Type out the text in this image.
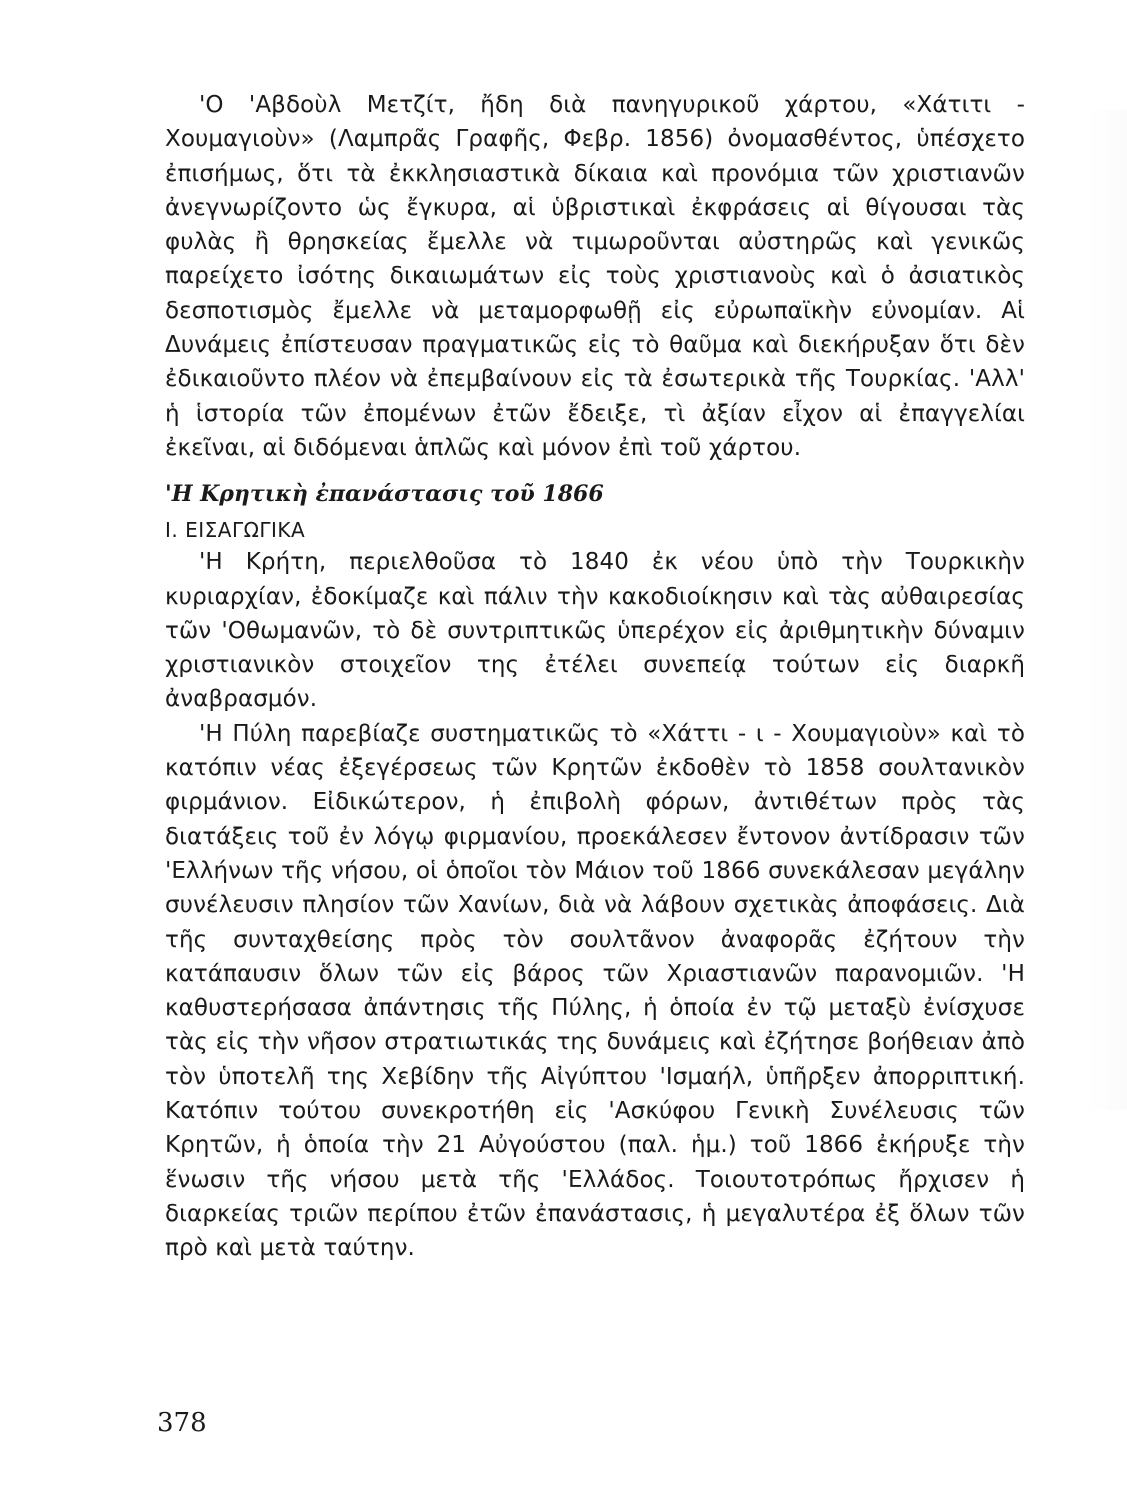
'Ο 'Αβδοὺλ Μετζίτ, ἤδη διὰ πανηγυρικοῦ χάρτου, «Χάτιτι - Χουμαγιοὺν» (Λαμπρᾶς Γραφῆς, Φεβρ. 1856) ὀνομασθέντος, ὑπέσχετο ἐπισήμως, ὅτι τὰ ἐκκλησιαστικὰ δίκαια καὶ προνόμια τῶν χριστιανῶν ἀνεγνωρίζοντο ὡς ἔγκυρα, αἱ ὑβριστικαὶ ἐκφράσεις αἱ θίγουσαι τὰς φυλὰς ἢ θρησκείας ἔμελλε νὰ τιμωροῦνται αὐστηρῶς καὶ γενικῶς παρείχετο ἰσότης δικαιωμάτων εἰς τοὺς χριστιανοὺς καὶ ὁ ἀσιατικὸς δεσποτισμὸς ἔμελλε νὰ μεταμορφωθῇ εἰς εὐρωπαϊκὴν εὐνομίαν. Αἱ Δυνάμεις ἐπίστευσαν πραγματικῶς εἰς τὸ θαῦμα καὶ διεκήρυξαν ὅτι δὲν ἐδικαιοῦντο πλέον νὰ ἐπεμβαίνουν εἰς τὰ ἐσωτερικὰ τῆς Τουρκίας. 'Αλλ' ἡ ἱστορία τῶν ἐπομένων ἐτῶν ἔδειξε, τὶ ἀξίαν εἶχον αἱ ἐπαγγελίαι ἐκεῖναι, αἱ διδόμεναι ἁπλῶς καὶ μόνον ἐπὶ τοῦ χάρτου.

'Η Κρητικὴ ἐπανάστασις τοῦ 1866
Ι. ΕΙΣΑΓΩΓΙΚΑ

'Η Κρήτη, περιελθοῦσα τὸ 1840 ἐκ νέου ὑπὸ τὴν Τουρκικὴν κυριαρχίαν, ἐδοκίμαζε καὶ πάλιν τὴν κακοδιοίκησιν καὶ τὰς αὐθαιρεσίας τῶν 'Οθωμανῶν, τὸ δὲ συντριπτικῶς ὑπερέχον εἰς ἀριθμητικὴν δύναμιν χριστιανικὸν στοιχεῖον της ἐτέλει συνεπείᾳ τούτων εἰς διαρκῆ ἀναβρασμόν.

'Η Πύλη παρεβίαζε συστηματικῶς τὸ «Χάττι - ι - Χουμαγιοὺν» καὶ τὸ κατόπιν νέας ἐξεγέρσεως τῶν Κρητῶν ἐκδοθὲν τὸ 1858 σουλτανικὸν φιρμάνιον. Εἰδικώτερον, ἡ ἐπιβολὴ φόρων, ἀντιθέτων πρὸς τὰς διατάξεις τοῦ ἐν λόγῳ φιρμανίου, προεκάλεσεν ἔντονον ἀντίδρασιν τῶν 'Ελλήνων τῆς νήσου, οἱ ὁποῖοι τὸν Μάιον τοῦ 1866 συνεκάλεσαν μεγάλην συνέλευσιν πλησίον τῶν Χανίων, διὰ νὰ λάβουν σχετικὰς ἀποφάσεις. Διὰ τῆς συνταχθείσης πρὸς τὸν σουλτᾶνον ἀναφορᾶς ἐζήτουν τὴν κατάπαυσιν ὅλων τῶν εἰς βάρος τῶν Χριαστιανῶν παρανομιῶν. 'Η καθυστερήσασα ἀπάντησις τῆς Πύλης, ἡ ὁποία ἐν τῷ μεταξὺ ἐνίσχυσε τὰς εἰς τὴν νῆσον στρατιωτικάς της δυνάμεις καὶ ἐζήτησε βοήθειαν ἀπὸ τὸν ὑποτελῆ της Χεβίδην τῆς Αἰγύπτου 'Ισμαήλ, ὑπῆρξεν ἀπορριπτική. Κατόπιν τούτου συνεκροτήθη εἰς 'Ασκύφου Γενικὴ Συνέλευσις τῶν Κρητῶν, ἡ ὁποία τὴν 21 Αὐγούστου (παλ. ἡμ.) τοῦ 1866 ἐκήρυξε τὴν ἕνωσιν τῆς νήσου μετὰ τῆς 'Ελλάδος. Τοιουτοτρόπως ἤρχισεν ἡ διαρκείας τριῶν περίπου ἐτῶν ἐπανάστασις, ἡ μεγαλυτέρα ἐξ ὅλων τῶν πρὸ καὶ μετὰ ταύτην.

378
